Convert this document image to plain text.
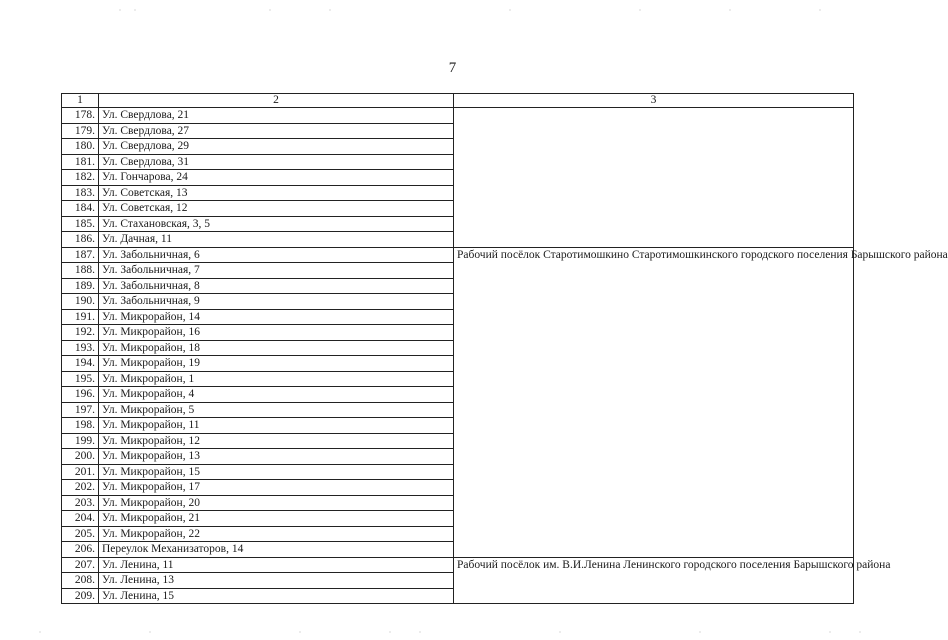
7
1	2	3
178.	Ул. Свердлова, 21	
179.	Ул. Свердлова, 27	
180.	Ул. Свердлова, 29	
181.	Ул. Свердлова, 31	
182.	Ул. Гончарова, 24	
183.	Ул. Советская, 13	
184.	Ул. Советская, 12	
185.	Ул. Стахановская, 3, 5	
186.	Ул. Дачная, 11	
187.	Ул. Забольничная, 6	Рабочий посёлок Старотимошкино Старотимошкинского городского поселения Барышского района
188.	Ул. Забольничная, 7	
189.	Ул. Забольничная, 8	
190.	Ул. Забольничная, 9	
191.	Ул. Микрорайон, 14	
192.	Ул. Микрорайон, 16	
193.	Ул. Микрорайон, 18	
194.	Ул. Микрорайон, 19	
195.	Ул. Микрорайон, 1	
196.	Ул. Микрорайон, 4	
197.	Ул. Микрорайон, 5	
198.	Ул. Микрорайон, 11	
199.	Ул. Микрорайон, 12	
200.	Ул. Микрорайон, 13	
201.	Ул. Микрорайон, 15	
202.	Ул. Микрорайон, 17	
203.	Ул. Микрорайон, 20	
204.	Ул. Микрорайон, 21	
205.	Ул. Микрорайон, 22	
206.	Переулок Механизаторов, 14	
207.	Ул. Ленина, 11	Рабочий посёлок им. В.И.Ленина Ленинского городского поселения Барышского района
208.	Ул. Ленина, 13	
209.	Ул. Ленина, 15	
